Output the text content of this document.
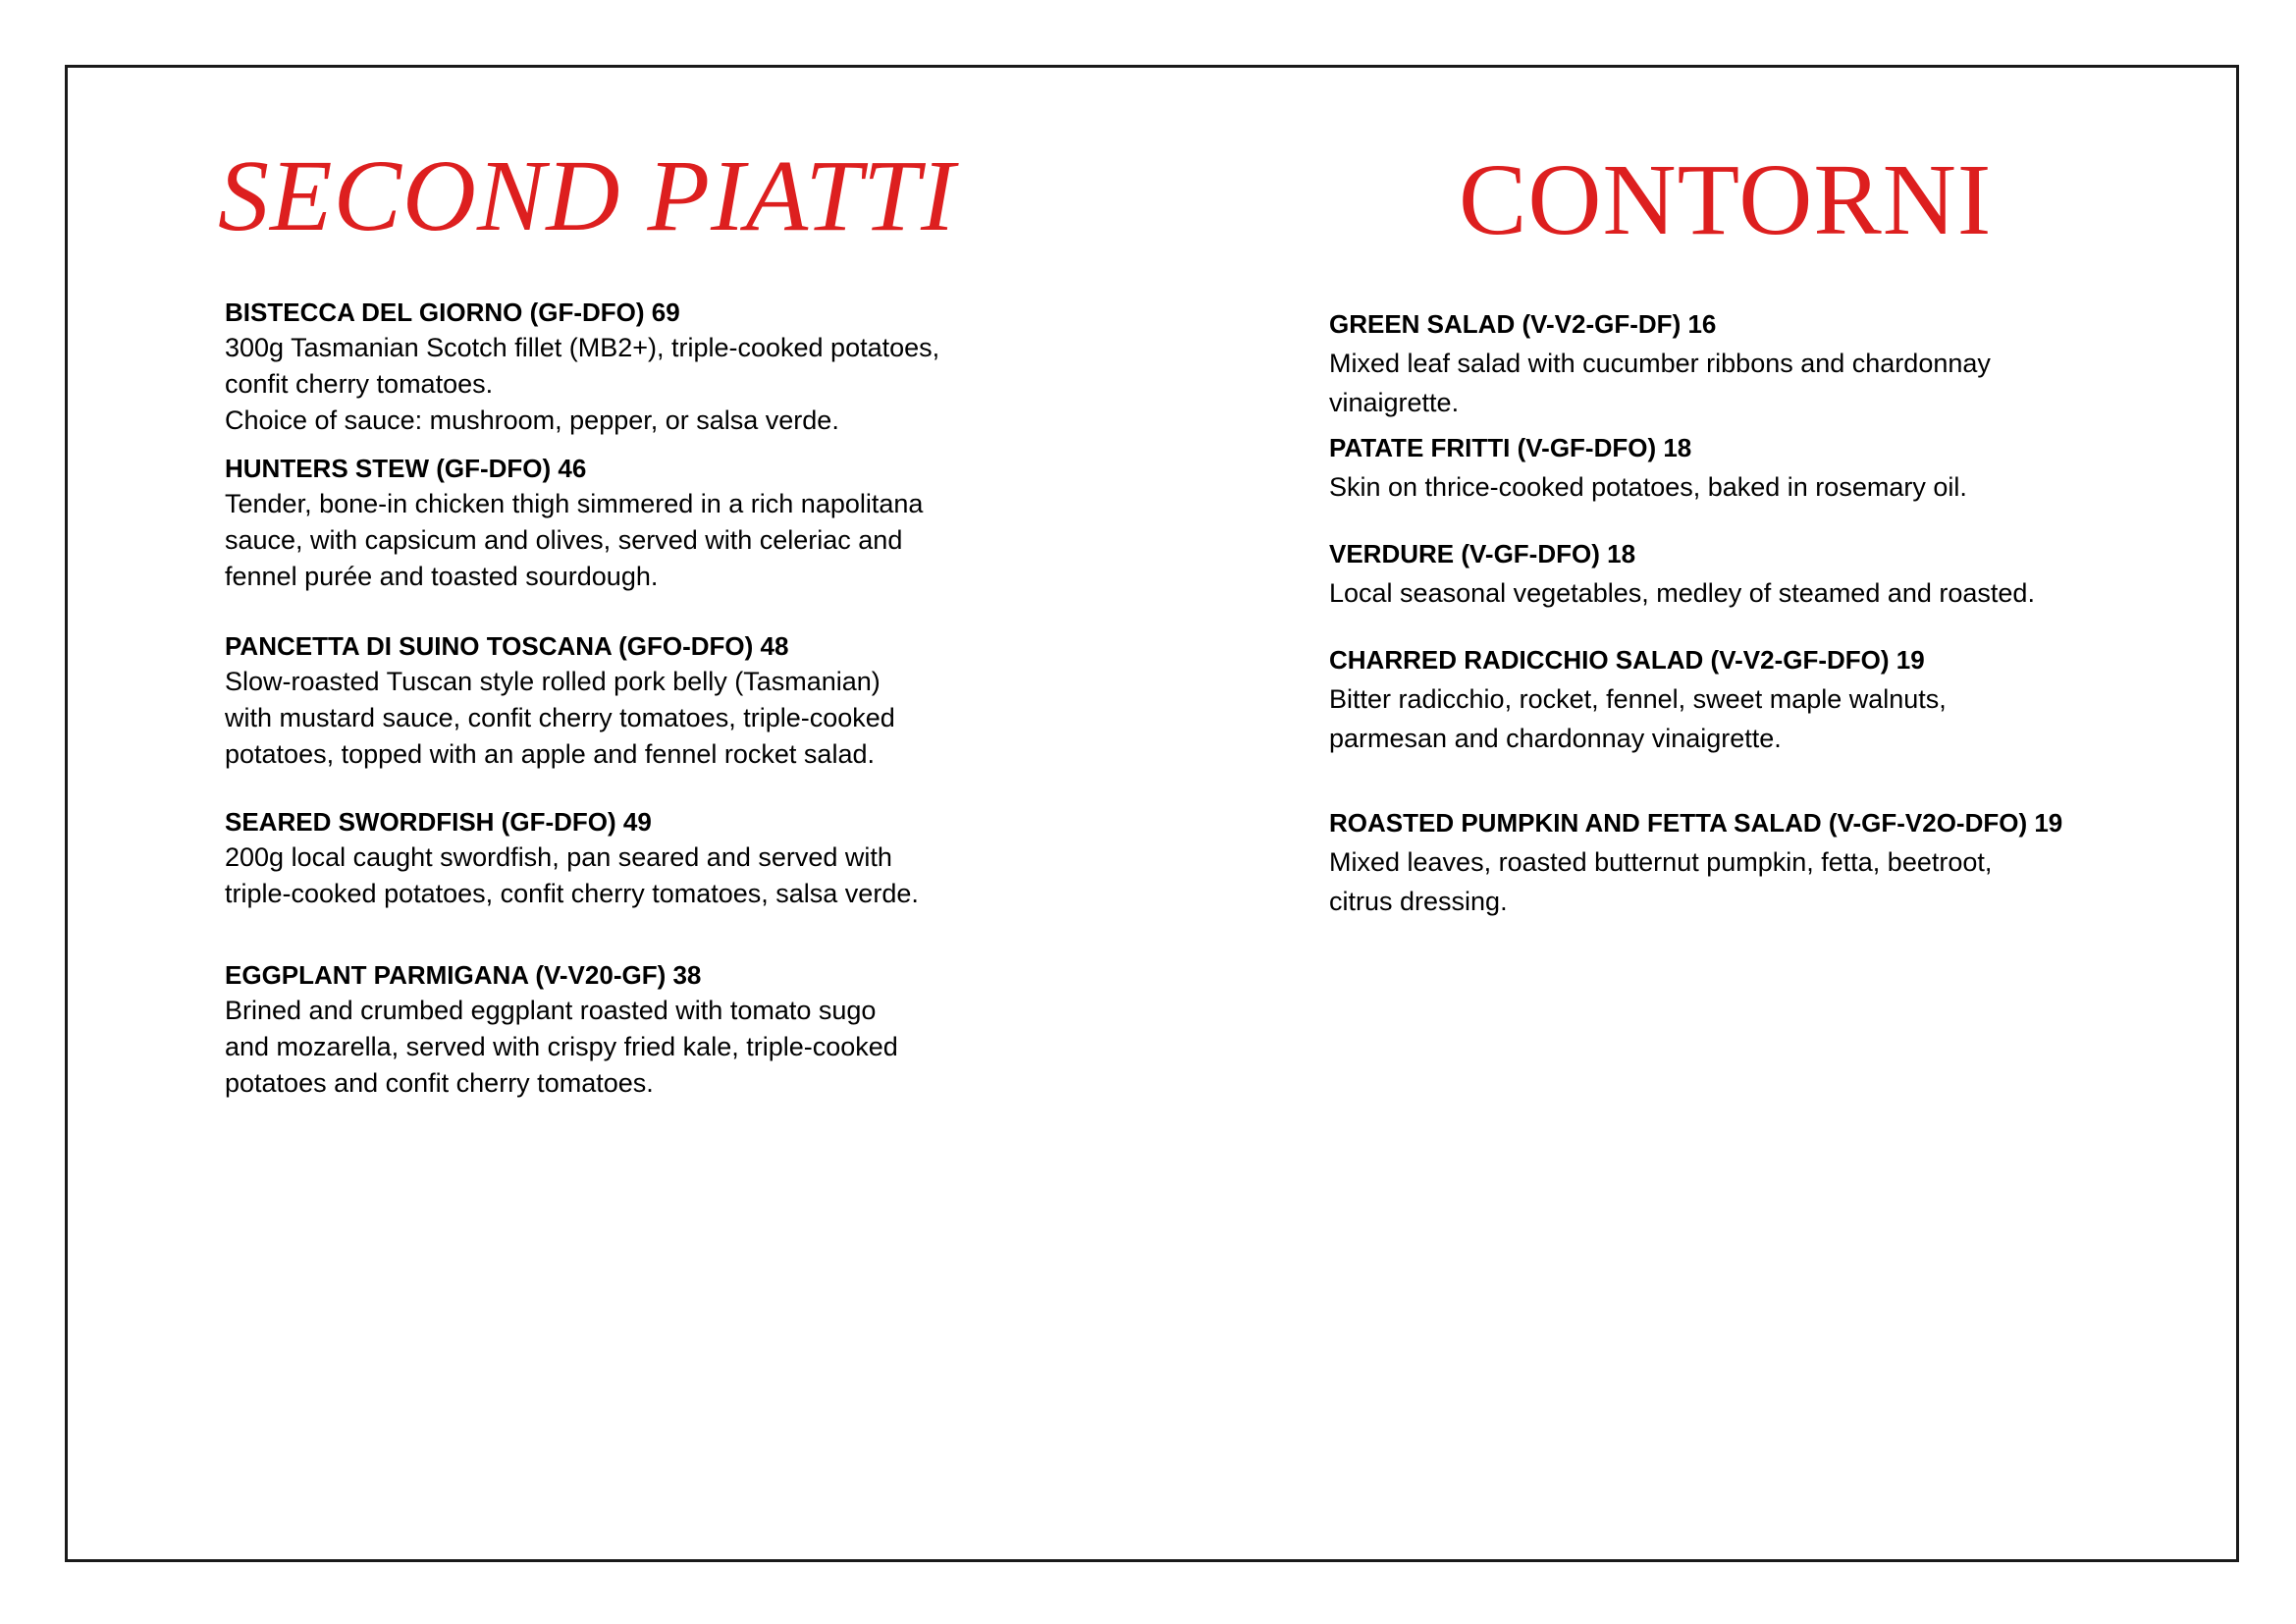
SECOND PIATTI	CONTORNI
BISTECCA DEL GIORNO (GF-DFO) 69
300g Tasmanian Scotch fillet (MB2+), triple-cooked potatoes,
confit cherry tomatoes.
Choice of sauce: mushroom, pepper, or salsa verde.
HUNTERS STEW (GF-DFO) 46
Tender, bone-in chicken thigh simmered in a rich napolitana
sauce, with capsicum and olives, served with celeriac and
fennel purée and toasted sourdough.
PANCETTA DI SUINO TOSCANA (GFO-DFO) 48
Slow-roasted Tuscan style rolled pork belly (Tasmanian)
with mustard sauce, confit cherry tomatoes, triple-cooked
potatoes, topped with an apple and fennel rocket salad.
SEARED SWORDFISH (GF-DFO) 49
200g local caught swordfish, pan seared and served with
triple-cooked potatoes, confit cherry tomatoes, salsa verde.
EGGPLANT PARMIGANA (V-V20-GF) 38
Brined and crumbed eggplant roasted with tomato sugo
and mozarella, served with crispy fried kale, triple-cooked
potatoes and confit cherry tomatoes.
GREEN SALAD (V-V2-GF-DF) 16
Mixed leaf salad with cucumber ribbons and chardonnay
vinaigrette.
PATATE FRITTI (V-GF-DFO) 18
Skin on thrice-cooked potatoes, baked in rosemary oil.
VERDURE (V-GF-DFO) 18
Local seasonal vegetables, medley of steamed and roasted.
CHARRED RADICCHIO SALAD (V-V2-GF-DFO) 19
Bitter radicchio, rocket, fennel, sweet maple walnuts,
parmesan and chardonnay vinaigrette.
ROASTED PUMPKIN AND FETTA SALAD (V-GF-V2O-DFO) 19
Mixed leaves, roasted butternut pumpkin, fetta, beetroot,
citrus dressing.
